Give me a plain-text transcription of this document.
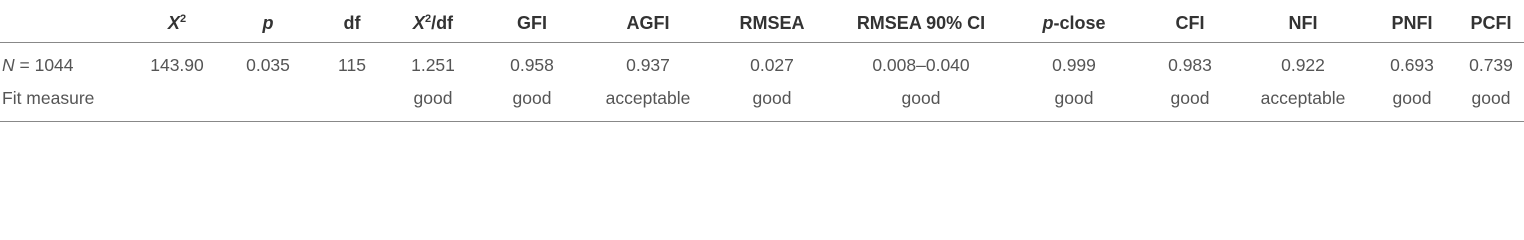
	$X^2$	p	df	$X^2/df$	GFI	AGFI	RMSEA	RMSEA 90% CI	p-close	CFI	NFI	PNFI	PCFI
N = 1044	143.90	0.035	115	1.251	0.958	0.937	0.027	0.008–0.040	0.999	0.983	0.922	0.693	0.739
Fit measure				good	good	acceptable	good	good	good	good	acceptable	good	good
